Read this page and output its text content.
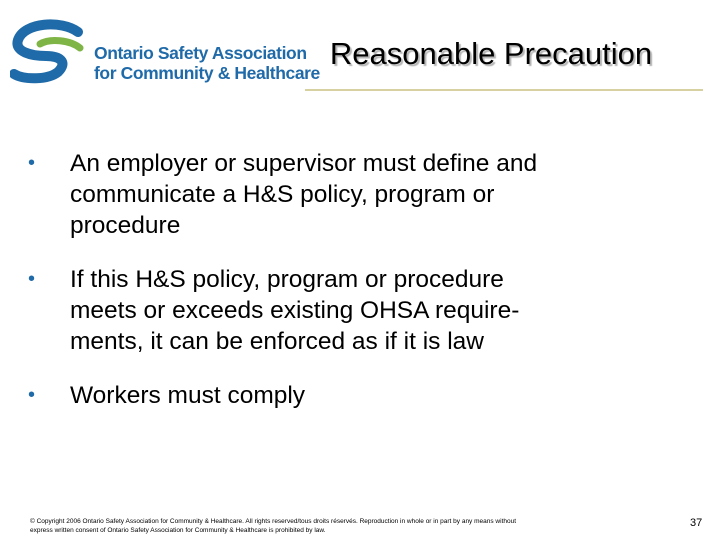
Ontario Safety Association
for Community & Healthcare
Reasonable Precaution
• An employer or supervisor must define and
communicate a H&S policy, program or
procedure
• If this H&S policy, program or procedure
meets or exceeds existing OHSA require-
ments, it can be enforced as if it is law
• Workers must comply
© Copyright 2006 Ontario Safety Association for Community & Healthcare. All rights reserved/tous droits réservés. Reproduction in whole or in part by any means without
express written consent of Ontario Safety Association for Community & Healthcare is prohibited by law.
37
